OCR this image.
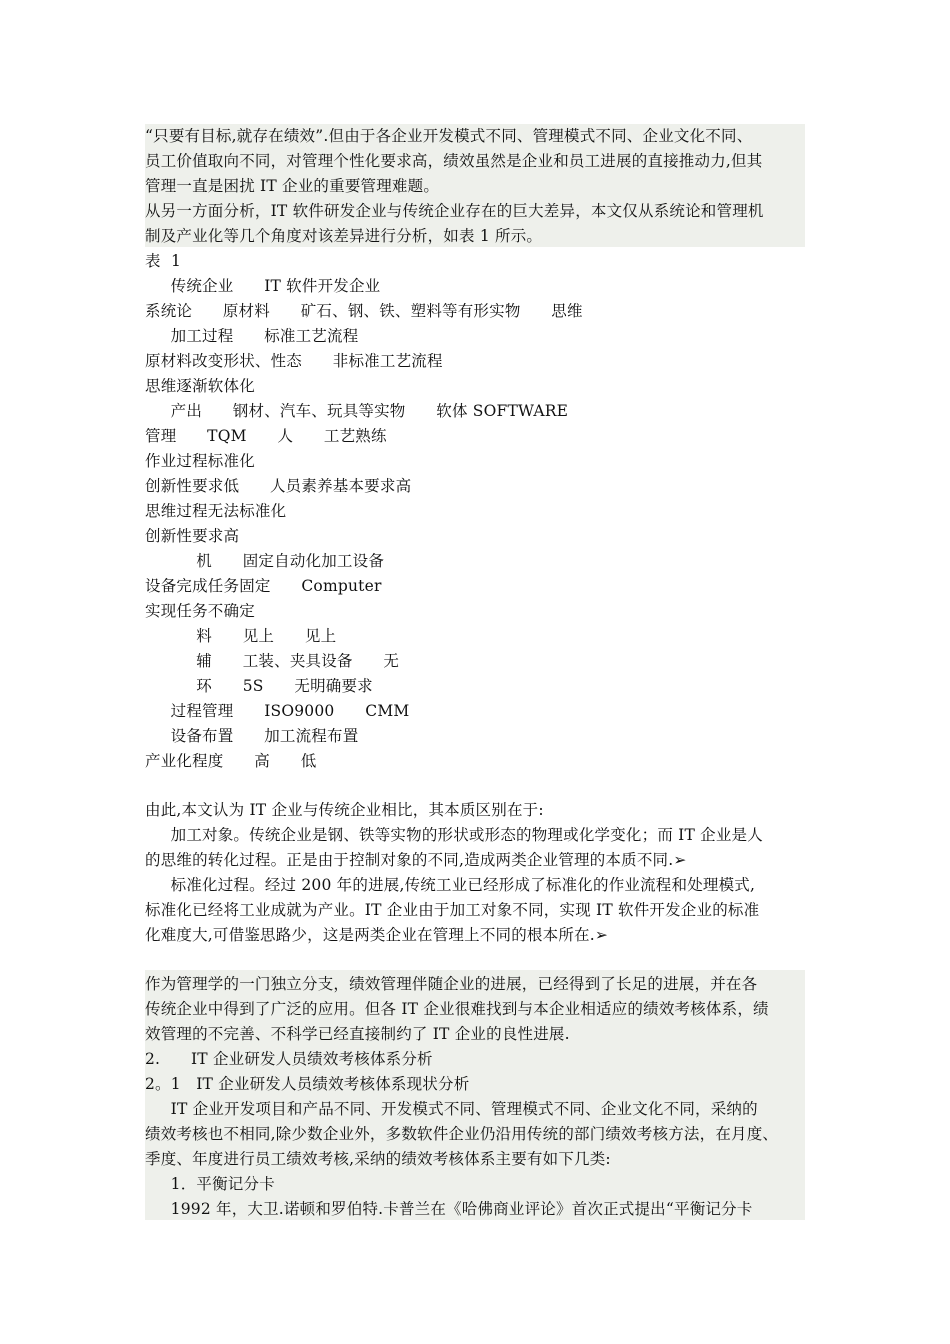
“只要有目标,就存在绩效”.但由于各企业开发模式不同、管理模式不同、企业文化不同、
员工价值取向不同，对管理个性化要求高，绩效虽然是企业和员工进展的直接推动力,但其
管理一直是困扰 IT 企业的重要管理难题。
从另一方面分析，IT 软件研发企业与传统企业存在的巨大差异，本文仅从系统论和管理机
制及产业化等几个角度对该差异进行分析，如表 1 所示。
表  1
传统企业      IT 软件开发企业
系统论      原材料      矿石、钢、铁、塑料等有形实物      思维
加工过程      标准工艺流程
原材料改变形状、性态      非标准工艺流程
思维逐渐软体化
产出      钢材、汽车、玩具等实物      软体 SOFTWARE
管理      TQM      人      工艺熟练
作业过程标准化
创新性要求低      人员素养基本要求高
思维过程无法标准化
创新性要求高
机      固定自动化加工设备
设备完成任务固定      Computer
实现任务不确定
料      见上      见上
辅      工装、夹具设备      无
环      5S      无明确要求
过程管理      ISO9000      CMM
设备布置      加工流程布置
产业化程度      高      低
由此,本文认为 IT 企业与传统企业相比，其本质区别在于:
加工对象。传统企业是钢、铁等实物的形状或形态的物理或化学变化；而 IT 企业是人
的思维的转化过程。正是由于控制对象的不同,造成两类企业管理的本质不同.➢
标准化过程。经过 200 年的进展,传统工业已经形成了标准化的作业流程和处理模式,
标准化已经将工业成就为产业。IT 企业由于加工对象不同，实现 IT 软件开发企业的标准
化难度大,可借鉴思路少，这是两类企业在管理上不同的根本所在.➢
作为管理学的一门独立分支，绩效管理伴随企业的进展，已经得到了长足的进展，并在各
传统企业中得到了广泛的应用。但各 IT 企业很难找到与本企业相适应的绩效考核体系，绩
效管理的不完善、不科学已经直接制约了 IT 企业的良性进展.
2.      IT 企业研发人员绩效考核体系分析
2。1   IT 企业研发人员绩效考核体系现状分析
IT 企业开发项目和产品不同、开发模式不同、管理模式不同、企业文化不同，采纳的
绩效考核也不相同,除少数企业外，多数软件企业仍沿用传统的部门绩效考核方法，在月度、
季度、年度进行员工绩效考核,采纳的绩效考核体系主要有如下几类:
1．平衡记分卡
1992 年，大卫.诺顿和罗伯特.卡普兰在《哈佛商业评论》首次正式提出“平衡记分卡
